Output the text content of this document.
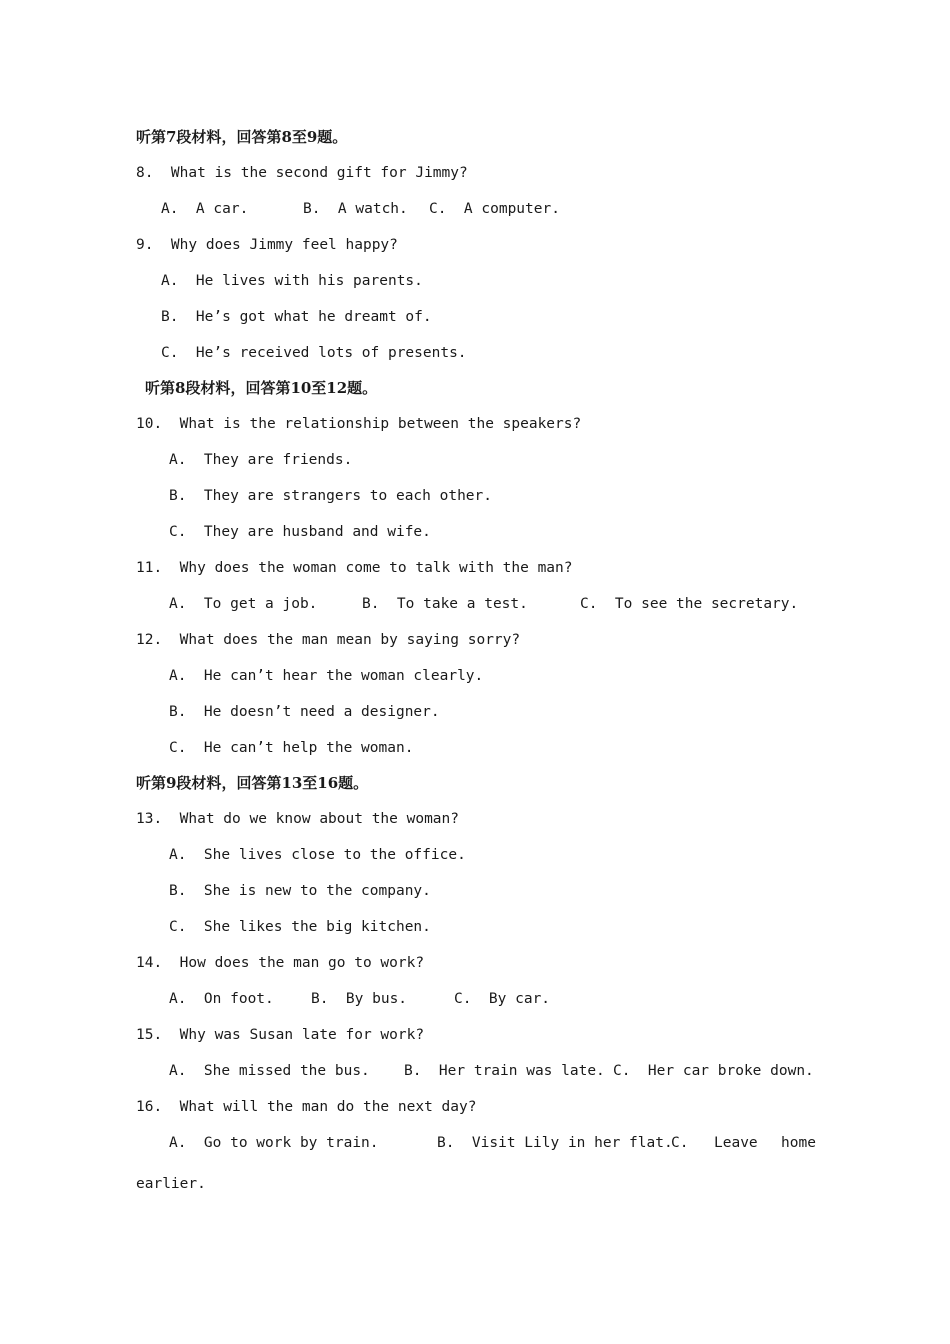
听第7段材料，回答第8至9题。
8.  What is the second gift for Jimmy?
A.  A car.	B.  A watch. C.  A computer.
9.  Why does Jimmy feel happy?
A.  He lives with his parents.
B.  He’s got what he dreamt of.
C.  He’s received lots of presents.
听第8段材料，回答第10至12题。
10.  What is the relationship between the speakers?
A.  They are friends.
B.  They are strangers to each other.
C.  They are husband and wife.
11.  Why does the woman come to talk with the man?
A.  To get a job.	B.  To take a test.	C.  To see the secretary.
12.  What does the man mean by saying sorry?
A.  He can’t hear the woman clearly.
B.  He doesn’t need a designer.
C.  He can’t help the woman.
听第9段材料，回答第13至16题。
13.  What do we know about the woman?
A.  She lives close to the office.
B.  She is new to the company.
C.  She likes the big kitchen.
14.  How does the man go to work?
A.  On foot.	B.  By bus.	C.  By car.
15.  Why was Susan late for work?
A.  She missed the bus. B.  Her train was late. C.  Her car broke down.
16.  What will the man do the next day?
A.  Go to work by train.	B.  Visit Lily in her flat.
C. Leave home
earlier.
